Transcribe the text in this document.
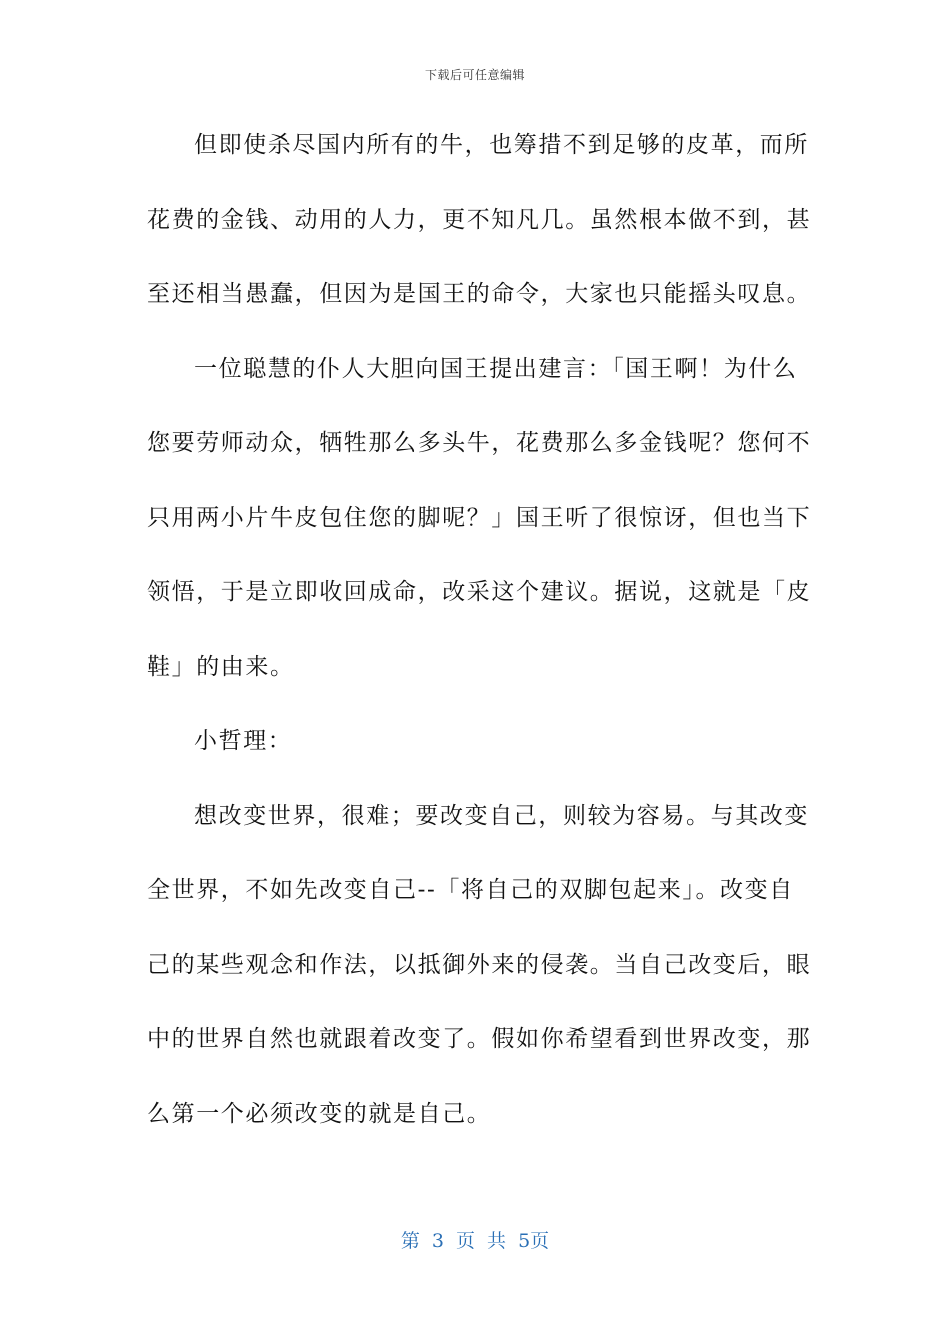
下载后可任意编辑
但即使杀尽国内所有的牛，也筹措不到足够的皮革，而所
花费的金钱、动用的人力，更不知凡几。虽然根本做不到，甚
至还相当愚蠢，但因为是国王的命令，大家也只能摇头叹息。
一位聪慧的仆人大胆向国王提出建言：「国王啊！为什么
您要劳师动众，牺牲那么多头牛，花费那么多金钱呢？您何不
只用两小片牛皮包住您的脚呢？」国王听了很惊讶，但也当下
领悟，于是立即收回成命，改采这个建议。据说，这就是「皮
鞋」的由来。
小哲理：
想改变世界，很难；要改变自己，则较为容易。与其改变
全世界，不如先改变自己--「将自己的双脚包起来」。改变自
己的某些观念和作法，以抵御外来的侵袭。当自己改变后，眼
中的世界自然也就跟着改变了。假如你希望看到世界改变，那
么第一个必须改变的就是自己。
第 3 页 共 5页
